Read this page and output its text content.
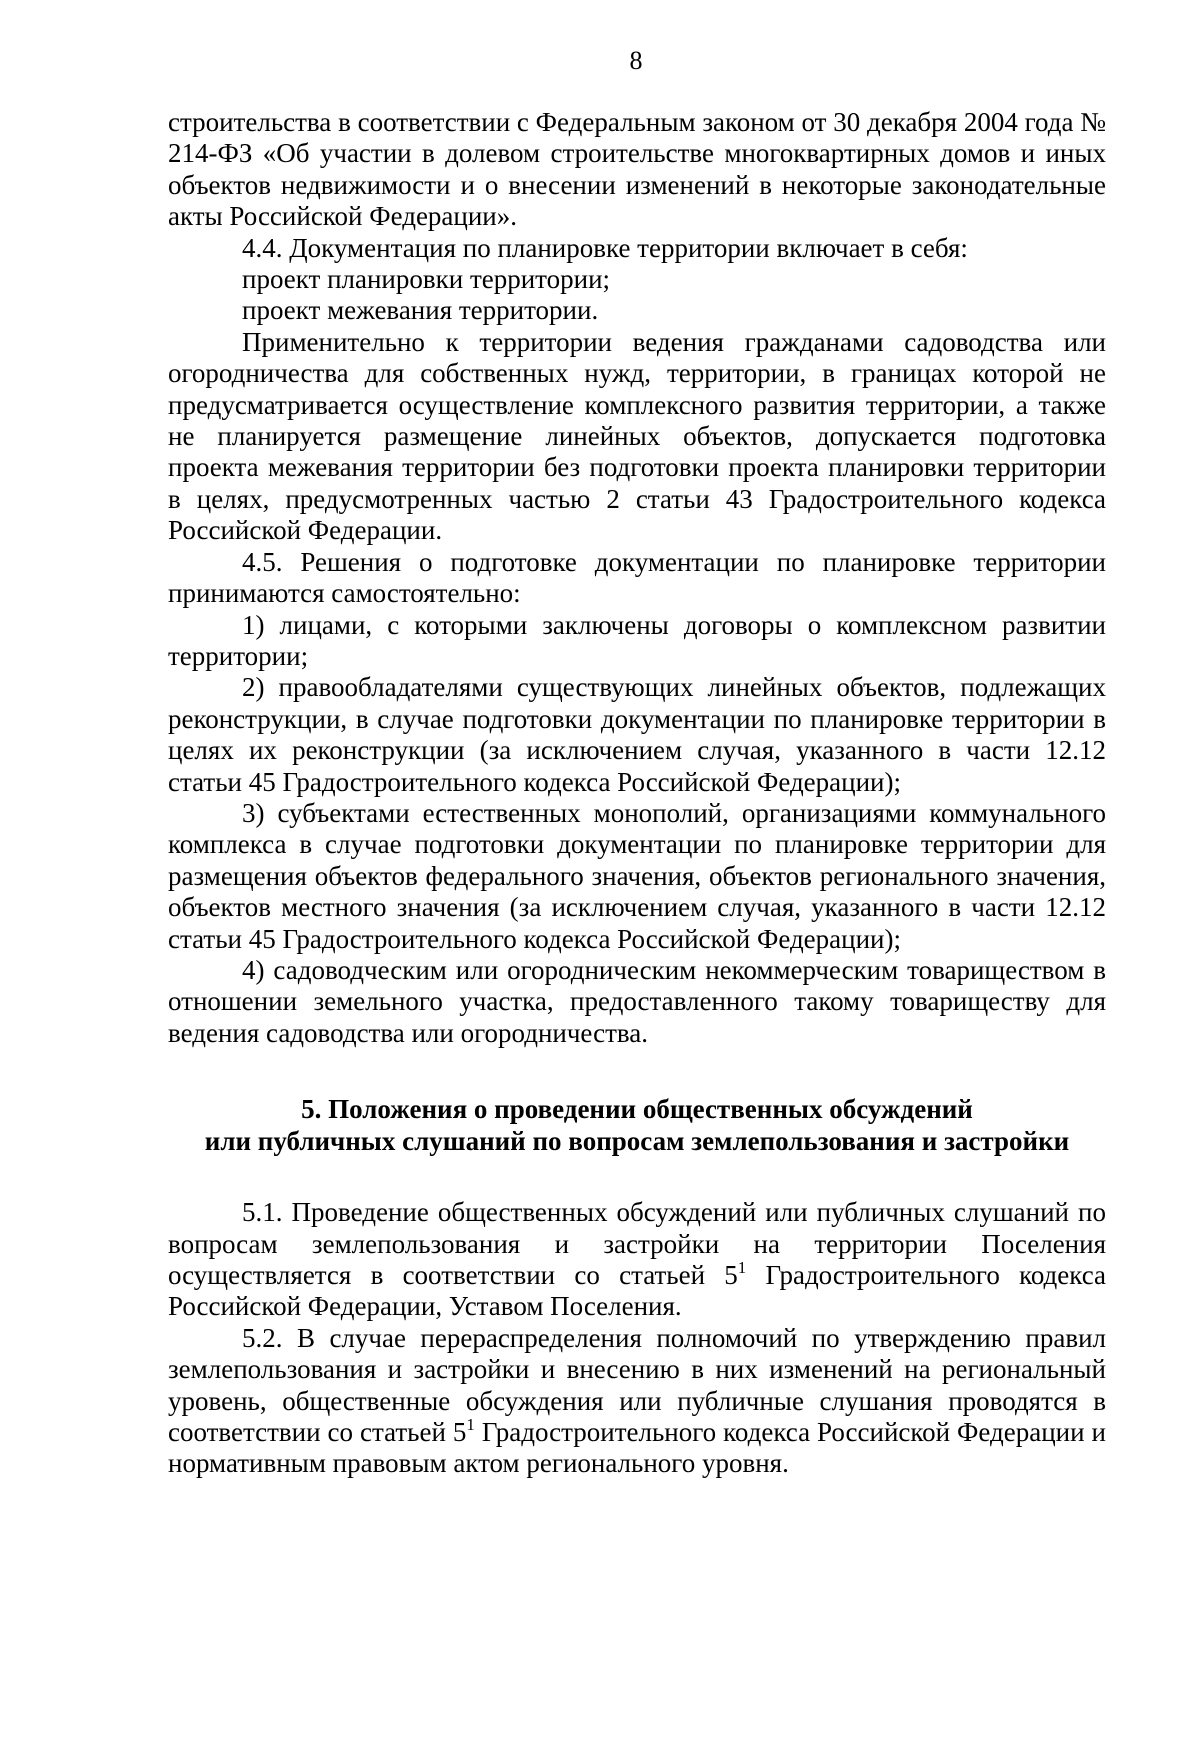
8

строительства в соответствии с Федеральным законом от 30 декабря 2004 года № 214-ФЗ «Об участии в долевом строительстве многоквартирных домов и иных объектов недвижимости и о внесении изменений в некоторые законодательные акты Российской Федерации».

4.4. Документация по планировке территории включает в себя:

проект планировки территории;

проект межевания территории.

Применительно к территории ведения гражданами садоводства или огородничества для собственных нужд, территории, в границах которой не предусматривается осуществление комплексного развития территории, а также не планируется размещение линейных объектов, допускается подготовка проекта межевания территории без подготовки проекта планировки территории в целях, предусмотренных частью 2 статьи 43 Градостроительного кодекса Российской Федерации.

4.5. Решения о подготовке документации по планировке территории принимаются самостоятельно:

1) лицами, с которыми заключены договоры о комплексном развитии территории;

2) правообладателями существующих линейных объектов, подлежащих реконструкции, в случае подготовки документации по планировке территории в целях их реконструкции (за исключением случая, указанного в части 12.12 статьи 45 Градостроительного кодекса Российской Федерации);

3) субъектами естественных монополий, организациями коммунального комплекса в случае подготовки документации по планировке территории для размещения объектов федерального значения, объектов регионального значения, объектов местного значения (за исключением случая, указанного в части 12.12 статьи 45 Градостроительного кодекса Российской Федерации);

4) садоводческим или огородническим некоммерческим товариществом в отношении земельного участка, предоставленного такому товариществу для ведения садоводства или огородничества.

5. Положения о проведении общественных обсуждений
или публичных слушаний по вопросам землепользования и застройки

5.1. Проведение общественных обсуждений или публичных слушаний по вопросам землепользования и застройки на территории Поселения осуществляется в соответствии со статьей $5^1$ Градостроительного кодекса Российской Федерации, Уставом Поселения.

5.2. В случае перераспределения полномочий по утверждению правил землепользования и застройки и внесению в них изменений на региональный уровень, общественные обсуждения или публичные слушания проводятся в соответствии со статьей $5^1$ Градостроительного кодекса Российской Федерации и нормативным правовым актом регионального уровня.
